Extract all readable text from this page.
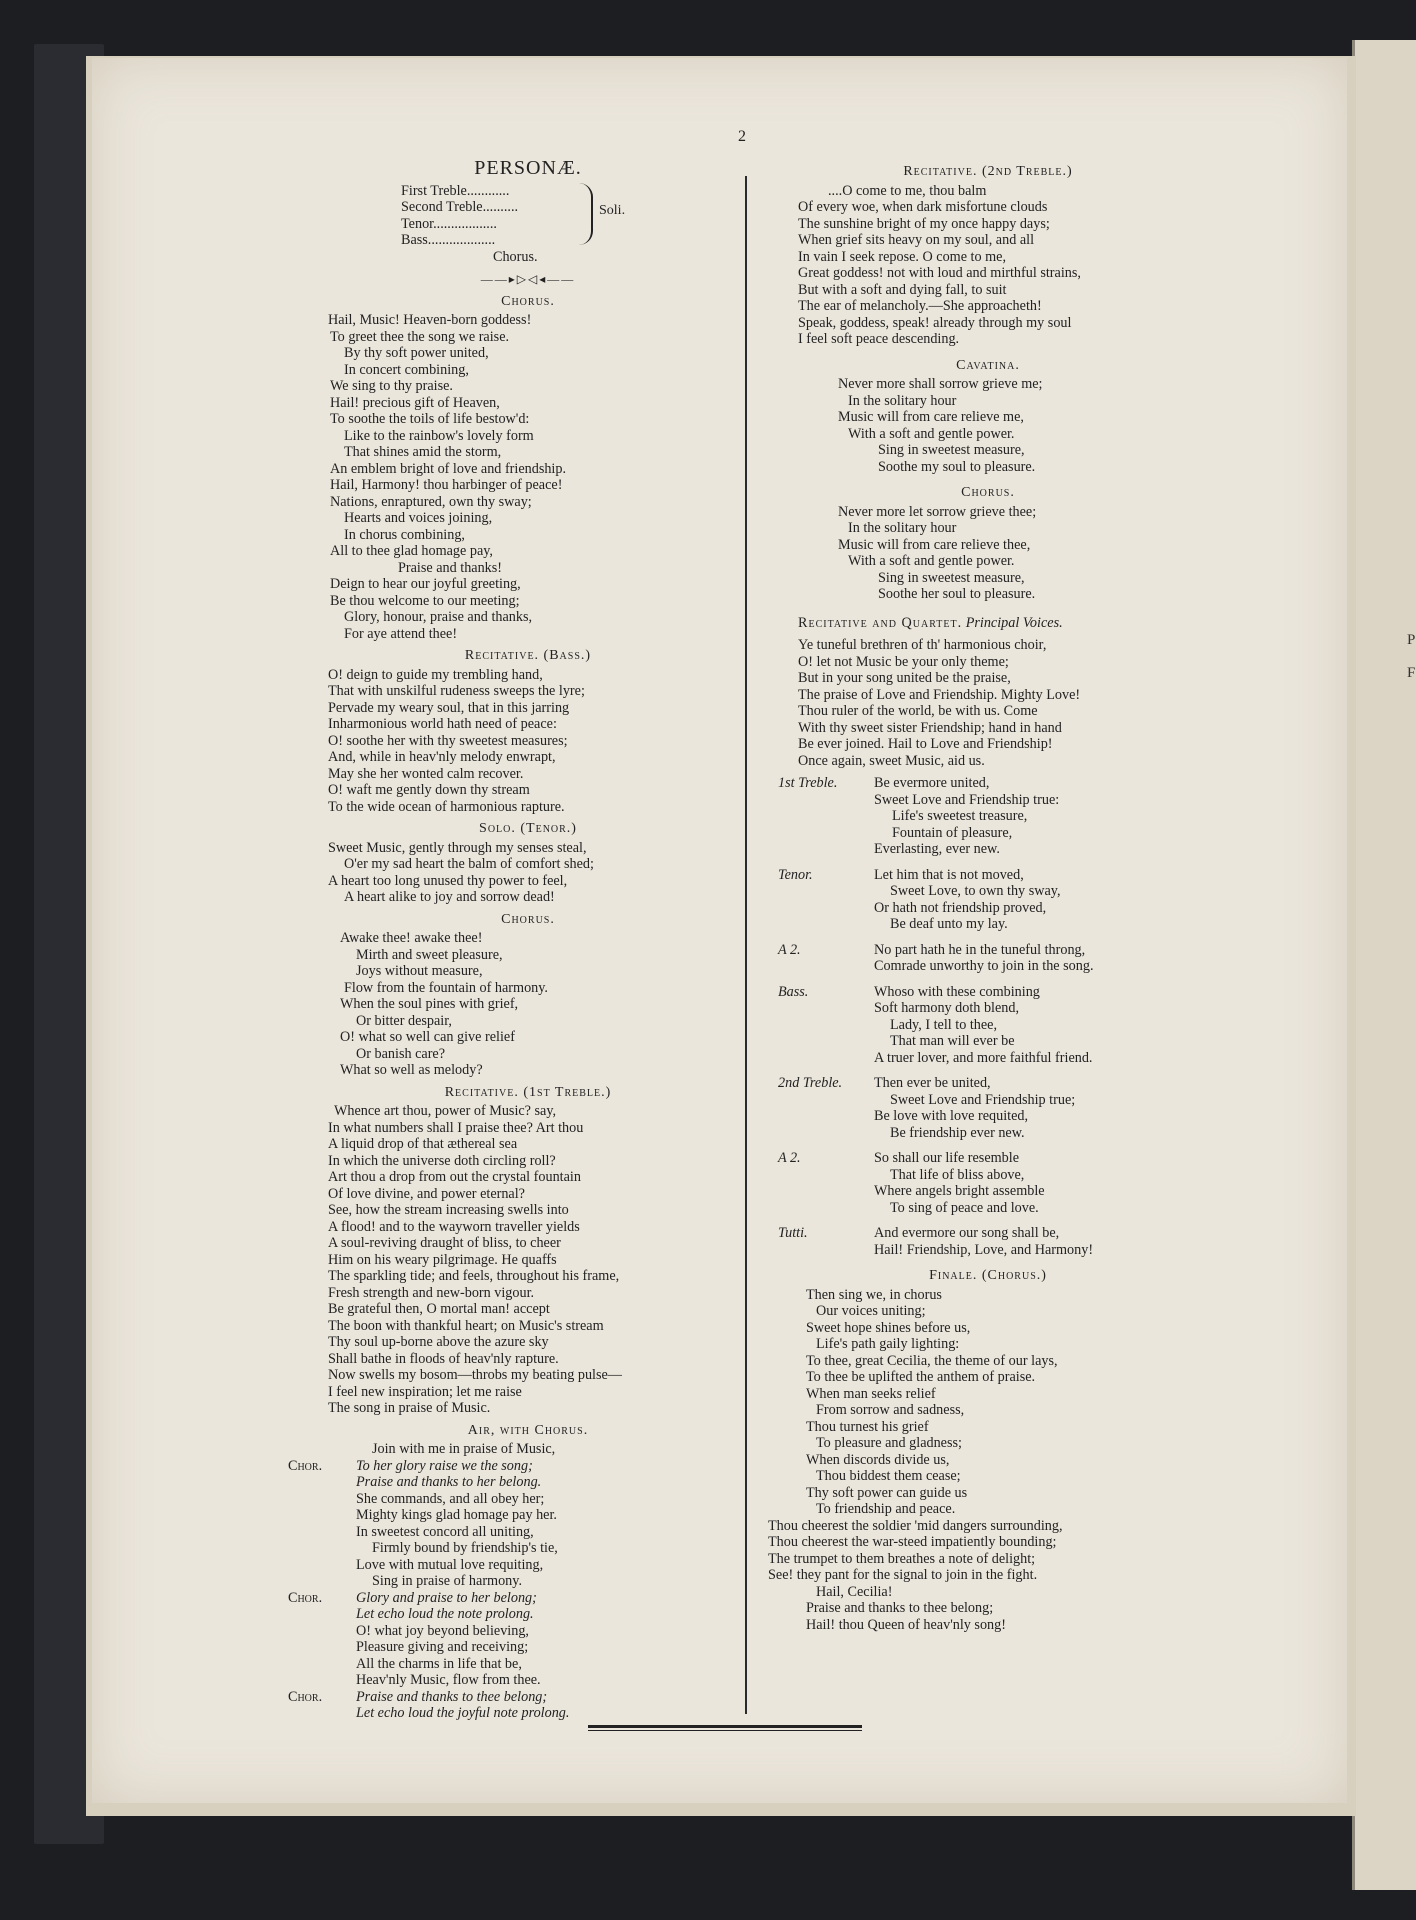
P
F
2
PERSONÆ.
First Treble............
Second Treble..........
Tenor..................
Bass...................
Soli.
Chorus.
——▸▷◁◂——
Chorus.
Hail, Music! Heaven-born goddess!
To greet thee the song we raise.
By thy soft power united,
In concert combining,
We sing to thy praise.
Hail! precious gift of Heaven,
To soothe the toils of life bestow'd:
Like to the rainbow's lovely form
That shines amid the storm,
An emblem bright of love and friendship.
Hail, Harmony! thou harbinger of peace!
Nations, enraptured, own thy sway;
Hearts and voices joining,
In chorus combining,
All to thee glad homage pay,
Praise and thanks!
Deign to hear our joyful greeting,
Be thou welcome to our meeting;
Glory, honour, praise and thanks,
For aye attend thee!
Recitative. (Bass.)
O! deign to guide my trembling hand,
That with unskilful rudeness sweeps the lyre;
Pervade my weary soul, that in this jarring
Inharmonious world hath need of peace:
O! soothe her with thy sweetest measures;
And, while in heav'nly melody enwrapt,
May she her wonted calm recover.
O! waft me gently down thy stream
To the wide ocean of harmonious rapture.
Solo. (Tenor.)
Sweet Music, gently through my senses steal,
O'er my sad heart the balm of comfort shed;
A heart too long unused thy power to feel,
A heart alike to joy and sorrow dead!
Chorus.
Awake thee! awake thee!
Mirth and sweet pleasure,
Joys without measure,
Flow from the fountain of harmony.
When the soul pines with grief,
Or bitter despair,
O! what so well can give relief
Or banish care?
What so well as melody?
Recitative. (1st Treble.)
Whence art thou, power of Music? say,
In what numbers shall I praise thee? Art thou
A liquid drop of that æthereal sea
In which the universe doth circling roll?
Art thou a drop from out the crystal fountain
Of love divine, and power eternal?
See, how the stream increasing swells into
A flood! and to the wayworn traveller yields
A soul-reviving draught of bliss, to cheer
Him on his weary pilgrimage. He quaffs
The sparkling tide; and feels, throughout his frame,
Fresh strength and new-born vigour.
Be grateful then, O mortal man! accept
The boon with thankful heart; on Music's stream
Thy soul up-borne above the azure sky
Shall bathe in floods of heav'nly rapture.
Now swells my bosom—throbs my beating pulse—
I feel new inspiration; let me raise
The song in praise of Music.
Air, with Chorus.
Join with me in praise of Music,
Chor. To her glory raise we the song;
Praise and thanks to her belong.
She commands, and all obey her;
Mighty kings glad homage pay her.
In sweetest concord all uniting,
Firmly bound by friendship's tie,
Love with mutual love requiting,
Sing in praise of harmony.
Chor. Glory and praise to her belong;
Let echo loud the note prolong.
O! what joy beyond believing,
Pleasure giving and receiving;
All the charms in life that be,
Heav'nly Music, flow from thee.
Chor. Praise and thanks to thee belong;
Let echo loud the joyful note prolong.
Recitative. (2nd Treble.)
....O come to me, thou balm
Of every woe, when dark misfortune clouds
The sunshine bright of my once happy days;
When grief sits heavy on my soul, and all
In vain I seek repose. O come to me,
Great goddess! not with loud and mirthful strains,
But with a soft and dying fall, to suit
The ear of melancholy.—She approacheth!
Speak, goddess, speak! already through my soul
I feel soft peace descending.
Cavatina.
Never more shall sorrow grieve me;
In the solitary hour
Music will from care relieve me,
With a soft and gentle power.
Sing in sweetest measure,
Soothe my soul to pleasure.
Chorus.
Never more let sorrow grieve thee;
In the solitary hour
Music will from care relieve thee,
With a soft and gentle power.
Sing in sweetest measure,
Soothe her soul to pleasure.
Recitative and Quartet. Principal Voices.
Ye tuneful brethren of th' harmonious choir,
O! let not Music be your only theme;
But in your song united be the praise,
The praise of Love and Friendship. Mighty Love!
Thou ruler of the world, be with us. Come
With thy sweet sister Friendship; hand in hand
Be ever joined. Hail to Love and Friendship!
Once again, sweet Music, aid us.
1st Treble.	Be evermore united,
Sweet Love and Friendship true:
Life's sweetest treasure,
Fountain of pleasure,
Everlasting, ever new.
Tenor.	Let him that is not moved,
Sweet Love, to own thy sway,
Or hath not friendship proved,
Be deaf unto my lay.
A 2.	No part hath he in the tuneful throng,
Comrade unworthy to join in the song.
Bass.	Whoso with these combining
Soft harmony doth blend,
Lady, I tell to thee,
That man will ever be
A truer lover, and more faithful friend.
2nd Treble. Then ever be united,
Sweet Love and Friendship true;
Be love with love requited,
Be friendship ever new.
A 2.	So shall our life resemble
That life of bliss above,
Where angels bright assemble
To sing of peace and love.
Tutti.	And evermore our song shall be,
Hail! Friendship, Love, and Harmony!
Finale. (Chorus.)
Then sing we, in chorus
Our voices uniting;
Sweet hope shines before us,
Life's path gaily lighting:
To thee, great Cecilia, the theme of our lays,
To thee be uplifted the anthem of praise.
When man seeks relief
From sorrow and sadness,
Thou turnest his grief
To pleasure and gladness;
When discords divide us,
Thou biddest them cease;
Thy soft power can guide us
To friendship and peace.
Thou cheerest the soldier 'mid dangers surrounding,
Thou cheerest the war-steed impatiently bounding;
The trumpet to them breathes a note of delight;
See! they pant for the signal to join in the fight.
Hail, Cecilia!
Praise and thanks to thee belong;
Hail! thou Queen of heav'nly song!
